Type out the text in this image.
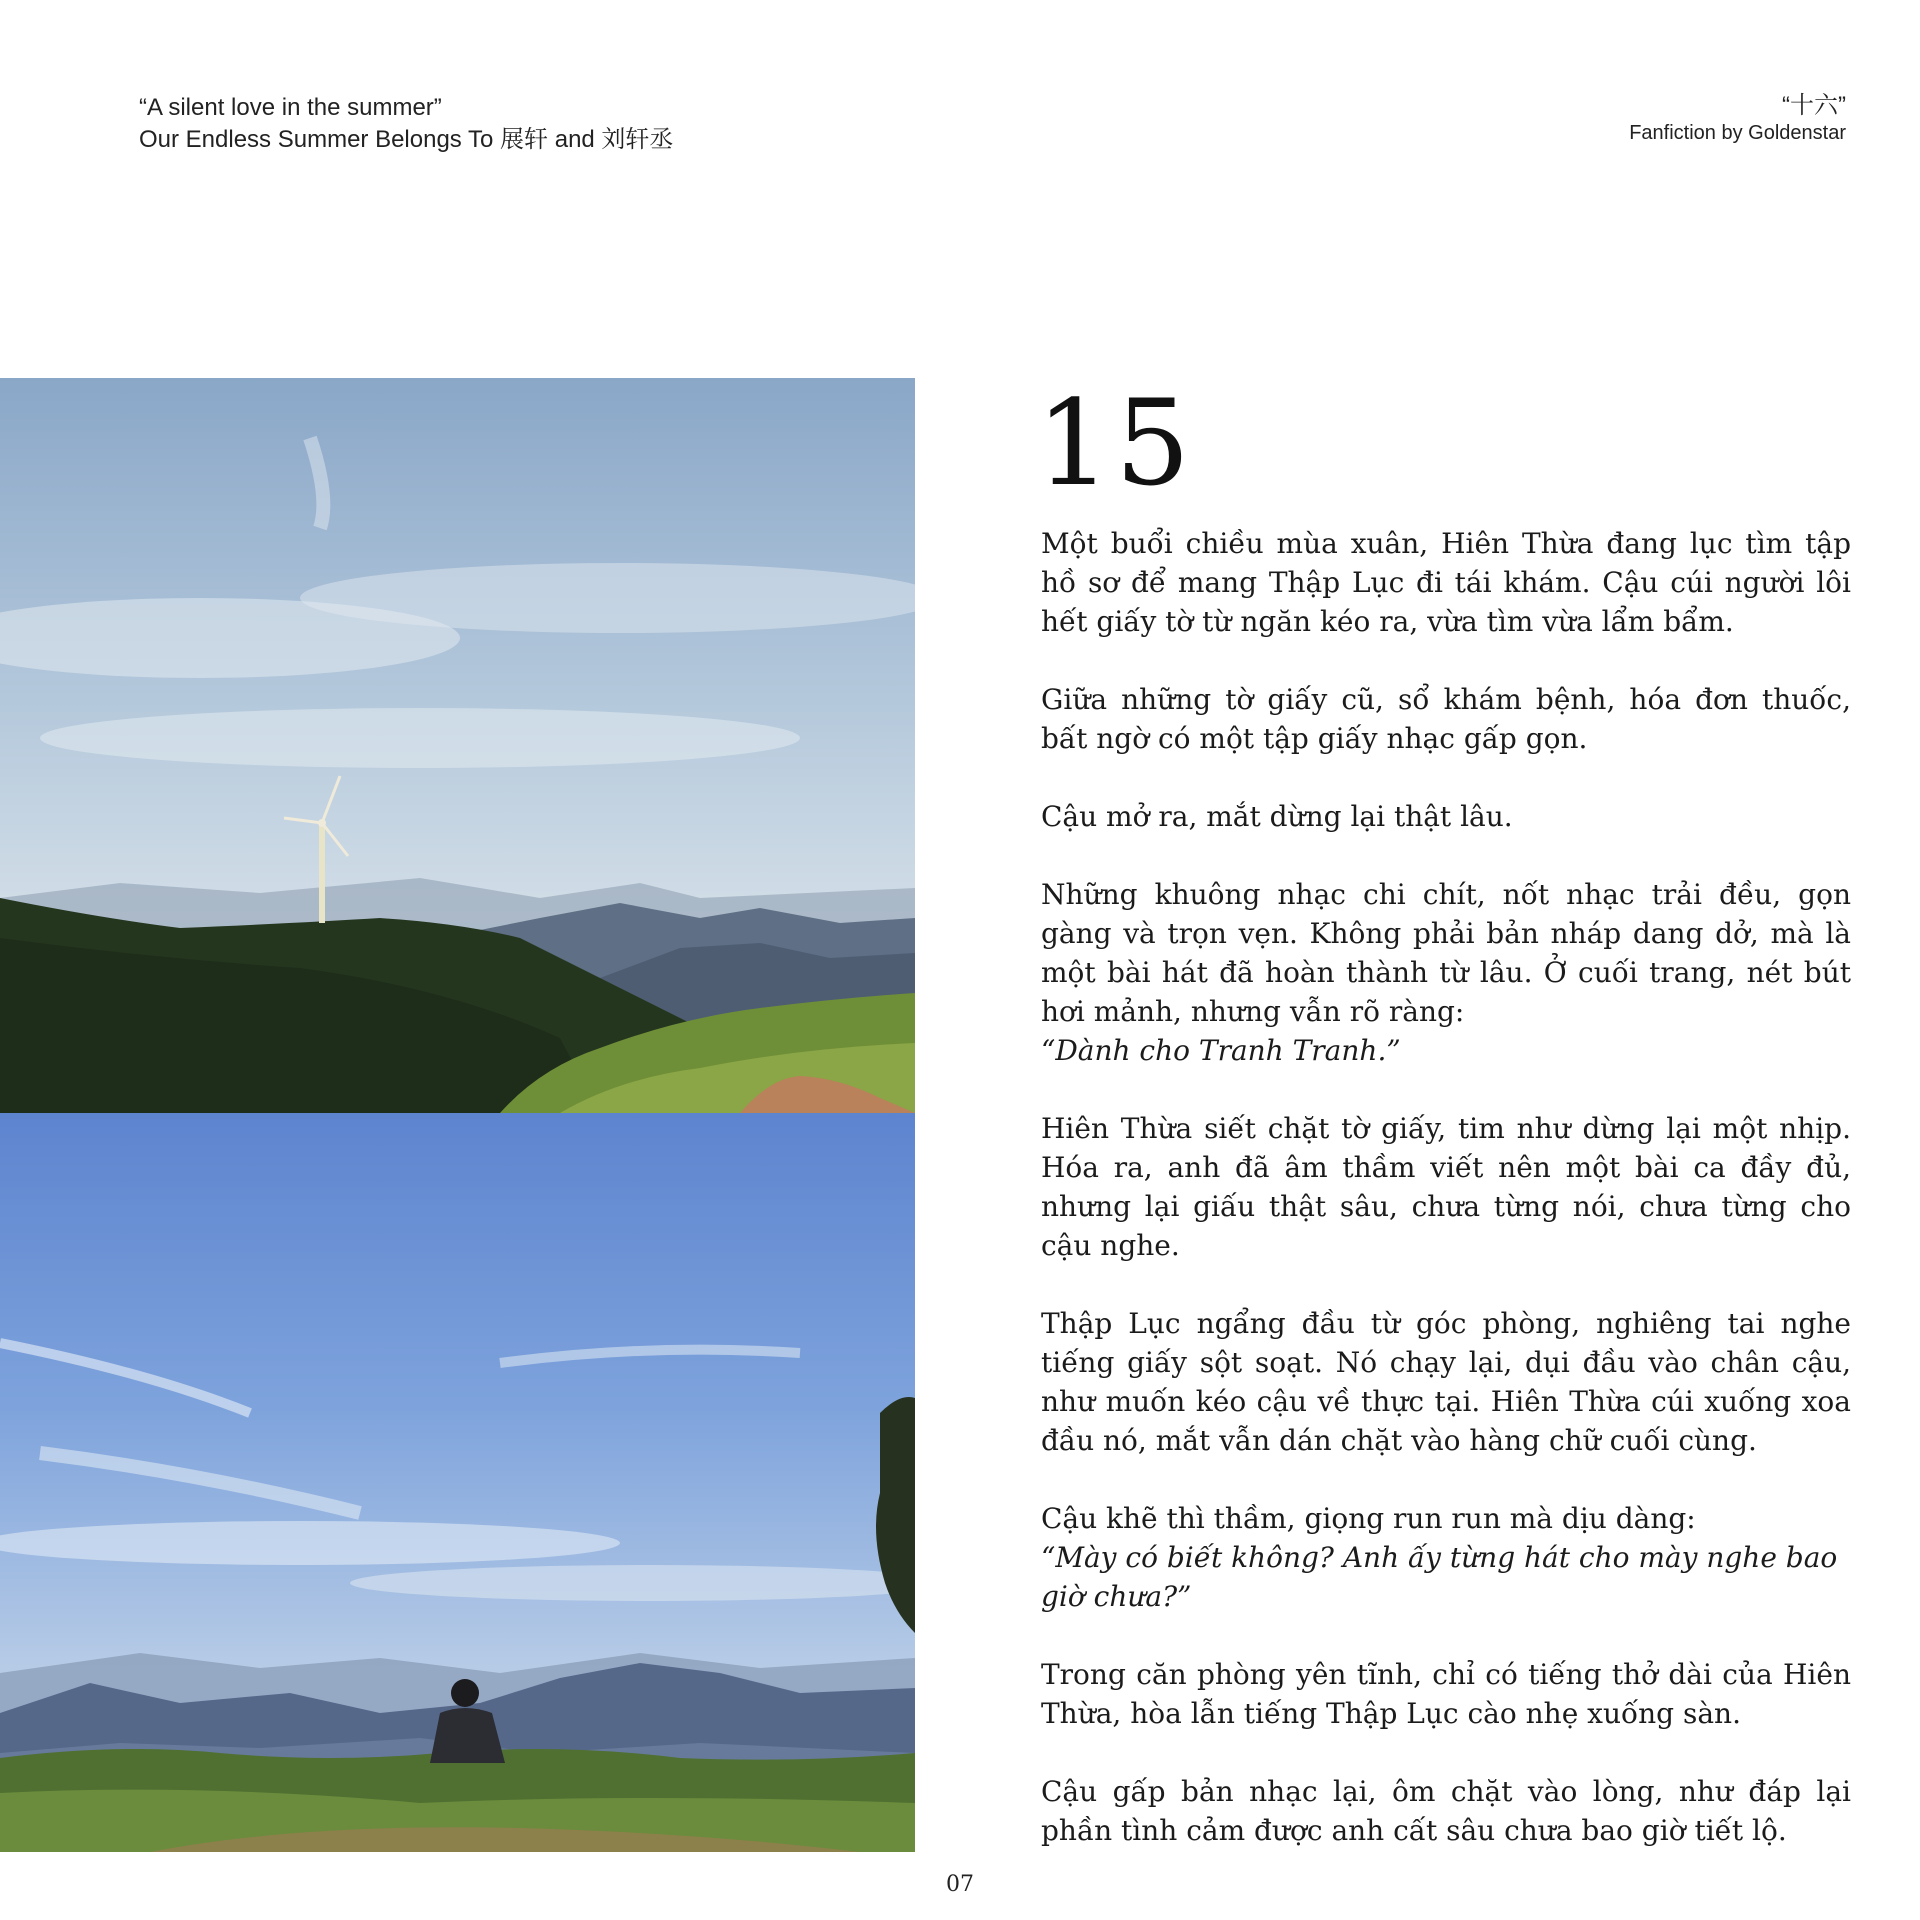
“A silent love in the summer”
Our Endless Summer Belongs To 展轩 and 刘轩丞
“十六”
Fanfiction by Goldenstar
15

Một buổi chiều mùa xuân, Hiên Thừa đang lục tìm tập hồ sơ để mang Thập Lục đi tái khám. Cậu cúi người lôi hết giấy tờ từ ngăn kéo ra, vừa tìm vừa lẩm bẩm.

Giữa những tờ giấy cũ, sổ khám bệnh, hóa đơn thuốc, bất ngờ có một tập giấy nhạc gấp gọn.

Cậu mở ra, mắt dừng lại thật lâu.

Những khuông nhạc chi chít, nốt nhạc trải đều, gọn gàng và trọn vẹn. Không phải bản nháp dang dở, mà là một bài hát đã hoàn thành từ lâu. Ở cuối trang, nét bút hơi mảnh, nhưng vẫn rõ ràng:
“Dành cho Tranh Tranh.”

Hiên Thừa siết chặt tờ giấy, tim như dừng lại một nhịp. Hóa ra, anh đã âm thầm viết nên một bài ca đầy đủ, nhưng lại giấu thật sâu, chưa từng nói, chưa từng cho cậu nghe.

Thập Lục ngẩng đầu từ góc phòng, nghiêng tai nghe tiếng giấy sột soạt. Nó chạy lại, dụi đầu vào chân cậu, như muốn kéo cậu về thực tại. Hiên Thừa cúi xuống xoa đầu nó, mắt vẫn dán chặt vào hàng chữ cuối cùng.

Cậu khẽ thì thầm, giọng run run mà dịu dàng:
“Mày có biết không? Anh ấy từng hát cho mày nghe bao giờ chưa?”

Trong căn phòng yên tĩnh, chỉ có tiếng thở dài của Hiên Thừa, hòa lẫn tiếng Thập Lục cào nhẹ xuống sàn.

Cậu gấp bản nhạc lại, ôm chặt vào lòng, như đáp lại phần tình cảm được anh cất sâu chưa bao giờ tiết lộ.

07
